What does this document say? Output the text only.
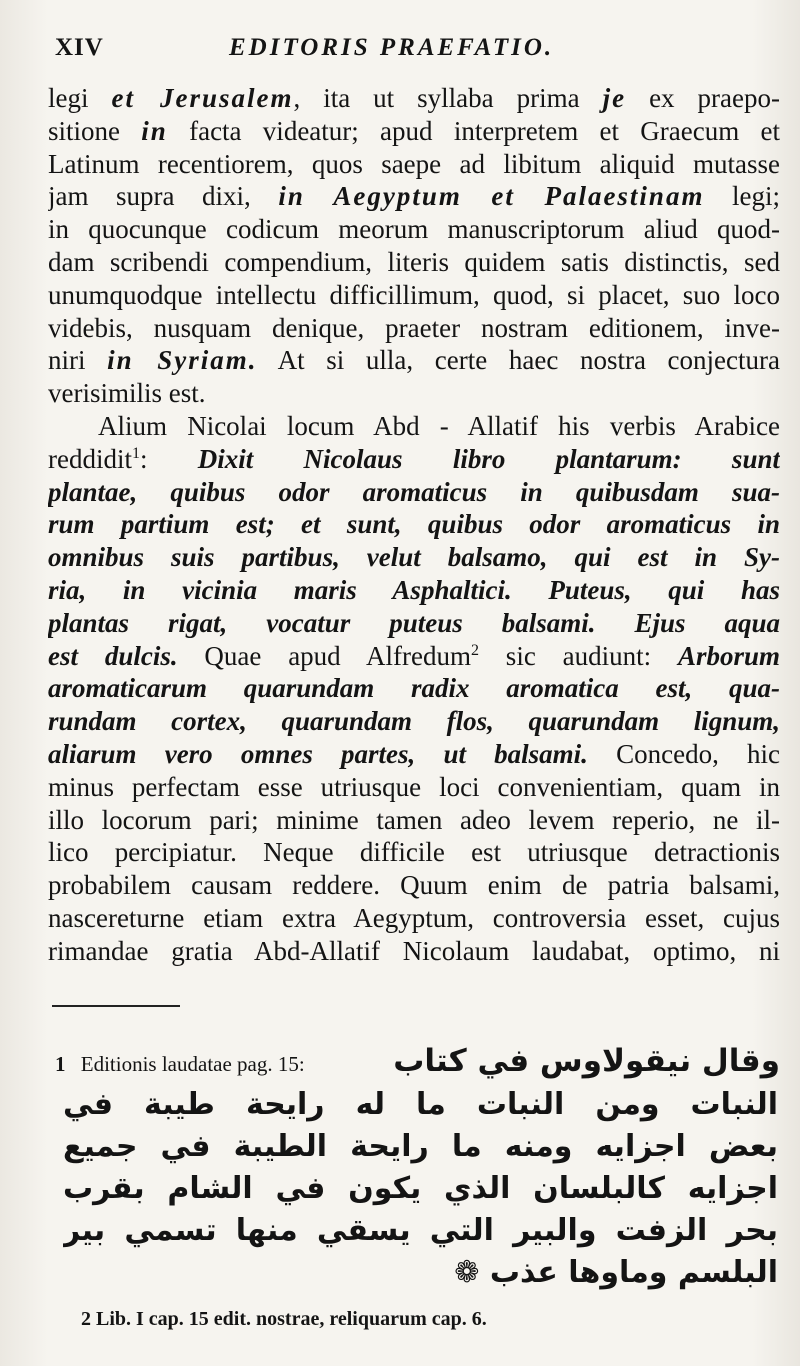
XIV	EDITORIS PRAEFATIO.
legi et Jerusalem, ita ut syllaba prima je ex praepo-
sitione in facta videatur; apud interpretem et Graecum et
Latinum recentiorem, quos saepe ad libitum aliquid mutasse
jam supra dixi, in Aegyptum et Palaestinam legi;
in quocunque codicum meorum manuscriptorum aliud quod-
dam scribendi compendium, literis quidem satis distinctis, sed
unumquodque intellectu difficillimum, quod, si placet, suo loco
videbis, nusquam denique, praeter nostram editionem, inve-
niri in Syriam. At si ulla, certe haec nostra conjectura
verisimilis est.
Alium Nicolai locum Abd - Allatif his verbis Arabice
reddidit$^1$: Dixit Nicolaus libro plantarum: sunt
plantae, quibus odor aromaticus in quibusdam sua-
rum partium est; et sunt, quibus odor aromaticus in
omnibus suis partibus, velut balsamo, qui est in Sy-
ria, in vicinia maris Asphaltici. Puteus, qui has
plantas rigat, vocatur puteus balsami. Ejus aqua
est dulcis. Quae apud Alfredum$^2$ sic audiunt: Arborum
aromaticarum quarundam radix aromatica est, qua-
rundam cortex, quarundam flos, quarundam lignum,
aliarum vero omnes partes, ut balsami. Concedo, hic
minus perfectam esse utriusque loci convenientiam, quam in
illo locorum pari; minime tamen adeo levem reperio, ne il-
lico percipiatur. Neque difficile est utriusque detractionis
probabilem causam reddere. Quum enim de patria balsami,
nascereturne etiam extra Aegyptum, controversia esset, cujus
rimandae gratia Abd-Allatif Nicolaum laudabat, optimo, ni
1 Editionis laudatae pag. 15:	وقال نيقولاوس في كتاب
النبات ومن النبات ما له رايحة طيبة في
بعض اجزايه ومنه ما رايحة الطيبة في جميع
اجزايه كالبلسان الذي يكون في الشام بقرب
بحر الزفت والبير التي يسقي منها تسمي بير
البلسم وماوها عذب ❁
2 Lib. I cap. 15 edit. nostrae, reliquarum cap. 6.
